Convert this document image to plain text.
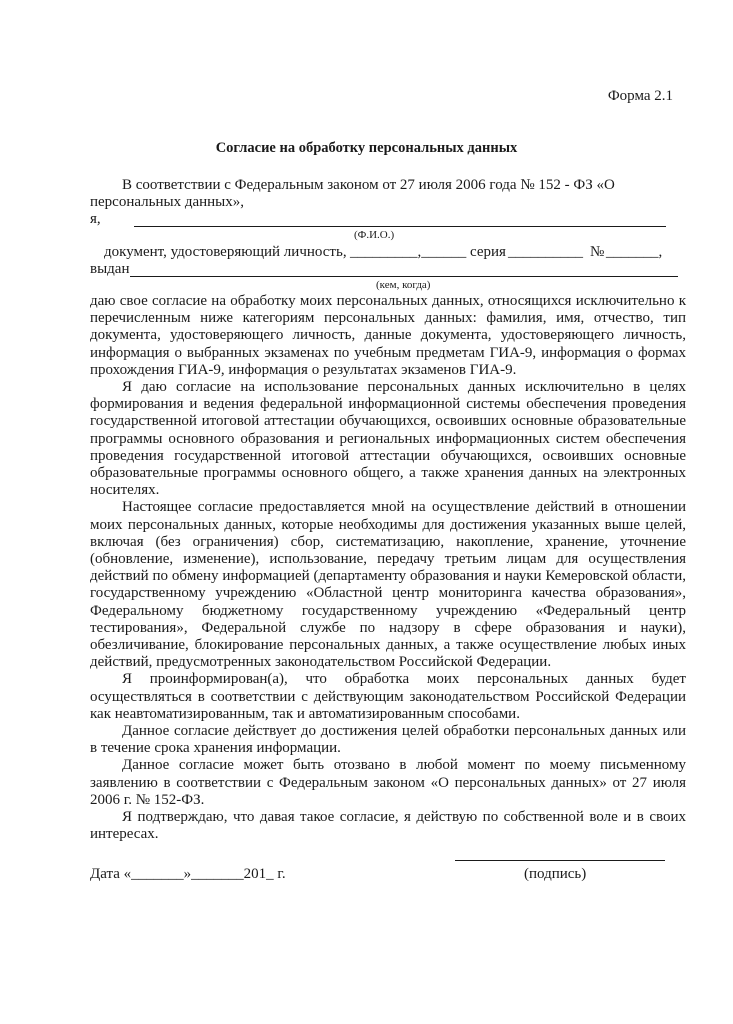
Форма 2.1
Согласие на обработку персональных данных
В соответствии с Федеральным законом от 27 июля 2006 года № 152 - ФЗ «О
персональных данных»,
я,
(Ф.И.О.)
документ, удостоверяющий личность, _________,______ серия __________ № _______,
выдан
(кем, когда)

даю свое согласие на обработку моих персональных данных, относящихся исключительно к перечисленным ниже категориям персональных данных: фамилия, имя, отчество, тип документа, удостоверяющего личность, данные документа, удостоверяющего личность, информация о выбранных экзаменах по учебным предметам ГИА-9, информация о формах прохождения ГИА-9, информация о результатах экзаменов ГИА-9.

Я даю согласие на использование персональных данных исключительно в целях формирования и ведения федеральной информационной системы обеспечения проведения государственной итоговой аттестации обучающихся, освоивших основные образовательные программы основного образования и региональных информационных систем обеспечения проведения государственной итоговой аттестации обучающихся, освоивших основные образовательные программы основного общего, а также хранения данных на электронных носителях.

Настоящее согласие предоставляется мной на осуществление действий в отношении моих персональных данных, которые необходимы для достижения указанных выше целей, включая (без ограничения) сбор, систематизацию, накопление, хранение, уточнение (обновление, изменение), использование, передачу третьим лицам для осуществления действий по обмену информацией (департаменту образования и науки Кемеровской области, государственному учреждению «Областной центр мониторинга качества образования», Федеральному бюджетному государственному учреждению «Федеральный центр тестирования», Федеральной службе по надзору в сфере образования и науки), обезличивание, блокирование персональных данных, а также осуществление любых иных действий, предусмотренных законодательством Российской Федерации.

Я проинформирован(а), что обработка моих персональных данных будет осуществляться в соответствии с действующим законодательством Российской Федерации как неавтоматизированным, так и автоматизированным способами.

Данное согласие действует до достижения целей обработки персональных данных или в течение срока хранения информации.

Данное согласие может быть отозвано в любой момент по моему письменному заявлению в соответствии с Федеральным законом «О персональных данных» от 27 июля 2006 г. № 152-ФЗ.

Я подтверждаю, что давая такое согласие, я действую по собственной воле и в своих интересах.

Дата «_______»_______201_ г.	(подпись)
